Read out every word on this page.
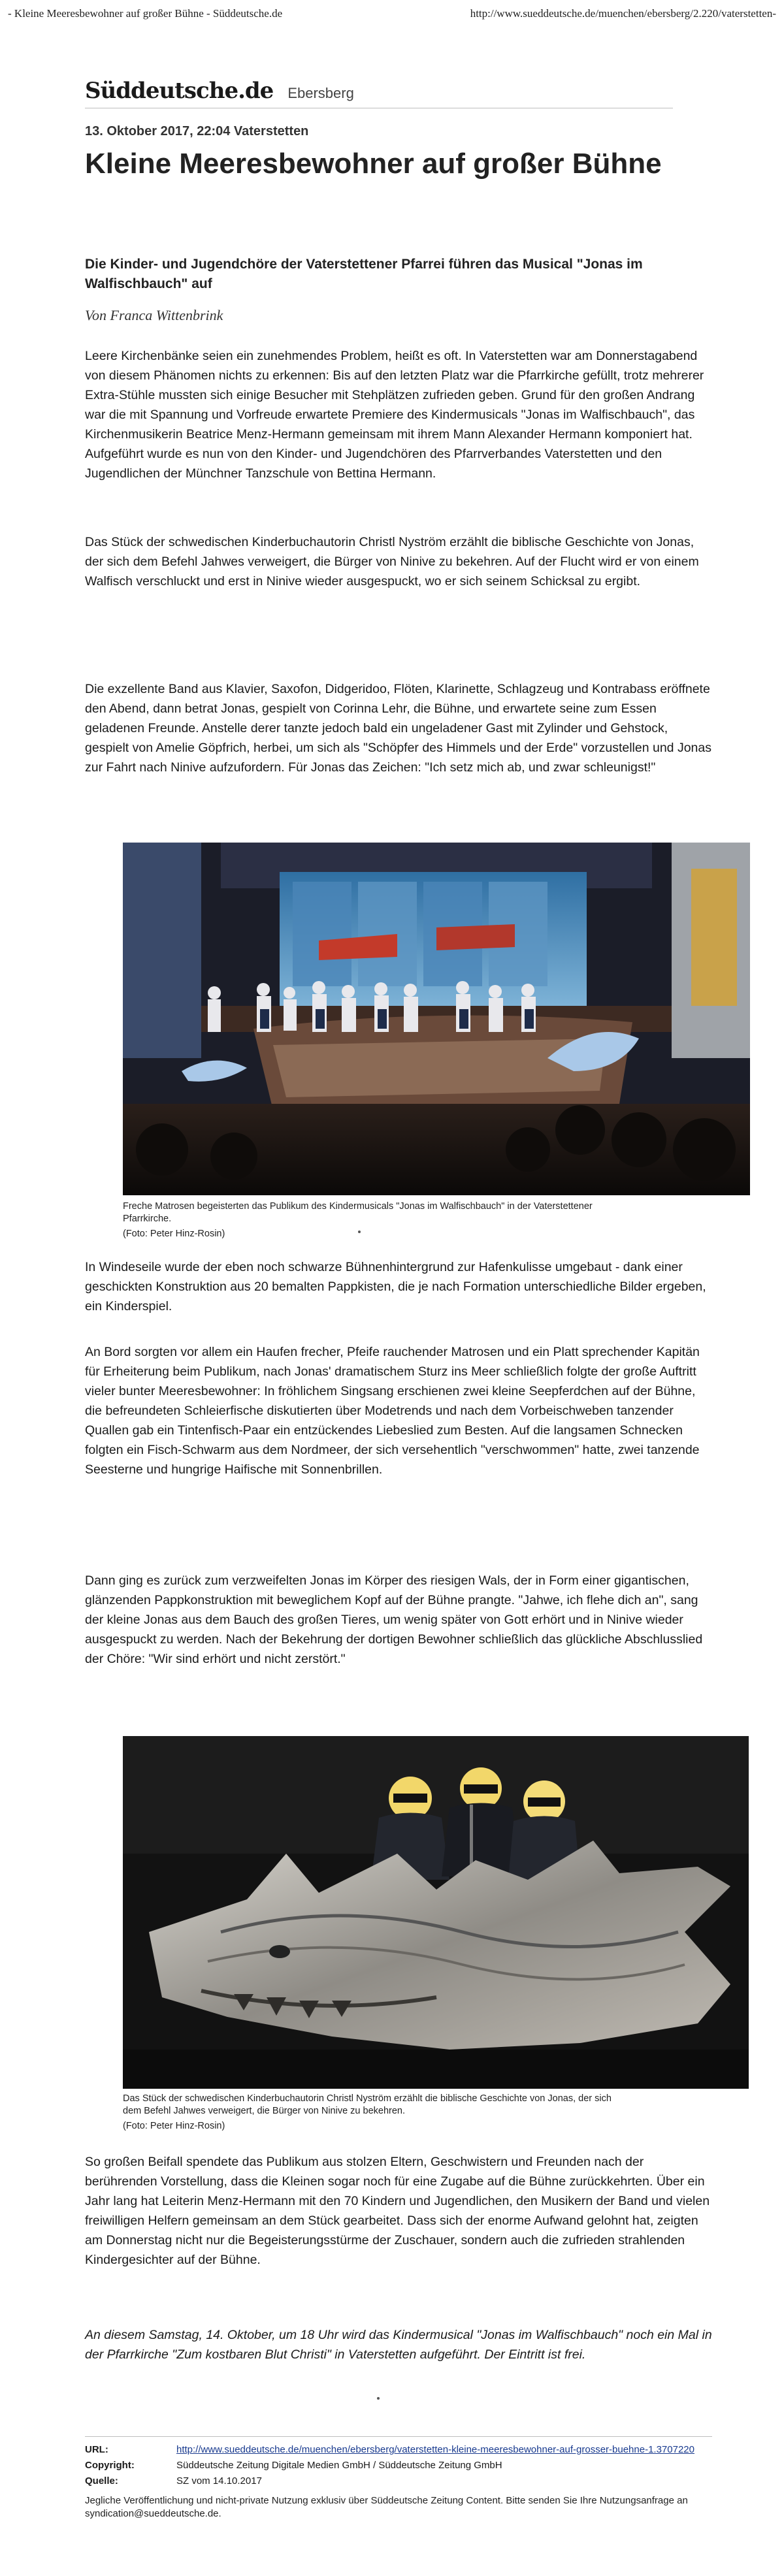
- Kleine Meeresbewohner auf großer Bühne - Süddeutsche.de	http://www.sueddeutsche.de/muenchen/ebersberg/2.220/vaterstetten-
Süddeutsche.de Ebersberg
13. Oktober 2017, 22:04 Vaterstetten
Kleine Meeresbewohner auf großer Bühne

Die Kinder- und Jugendchöre der Vaterstettener Pfarrei führen das Musical "Jonas im Walfischbauch" auf

Von Franca Wittenbrink

Leere Kirchenbänke seien ein zunehmendes Problem, heißt es oft. In Vaterstetten war am Donnerstagabend von diesem Phänomen nichts zu erkennen: Bis auf den letzten Platz war die Pfarrkirche gefüllt, trotz mehrerer Extra-Stühle mussten sich einige Besucher mit Stehplätzen zufrieden geben. Grund für den großen Andrang war die mit Spannung und Vorfreude erwartete Premiere des Kindermusicals "Jonas im Walfischbauch", das Kirchenmusikerin Beatrice Menz-Hermann gemeinsam mit ihrem Mann Alexander Hermann komponiert hat. Aufgeführt wurde es nun von den Kinder- und Jugendchören des Pfarrverbandes Vaterstetten und den Jugendlichen der Münchner Tanzschule von Bettina Hermann.

Das Stück der schwedischen Kinderbuchautorin Christl Nyström erzählt die biblische Geschichte von Jonas, der sich dem Befehl Jahwes verweigert, die Bürger von Ninive zu bekehren. Auf der Flucht wird er von einem Walfisch verschluckt und erst in Ninive wieder ausgespuckt, wo er sich seinem Schicksal zu ergibt.

Die exzellente Band aus Klavier, Saxofon, Didgeridoo, Flöten, Klarinette, Schlagzeug und Kontrabass eröffnete den Abend, dann betrat Jonas, gespielt von Corinna Lehr, die Bühne, und erwartete seine zum Essen geladenen Freunde. Anstelle derer tanzte jedoch bald ein ungeladener Gast mit Zylinder und Gehstock, gespielt von Amelie Göpfrich, herbei, um sich als "Schöpfer des Himmels und der Erde" vorzustellen und Jonas zur Fahrt nach Ninive aufzufordern. Für Jonas das Zeichen: "Ich setz mich ab, und zwar schleunigst!"

Freche Matrosen begeisterten das Publikum des Kindermusicals "Jonas im Walfischbauch" in der Vaterstettener Pfarrkirche.

(Foto: Peter Hinz-Rosin)

In Windeseile wurde der eben noch schwarze Bühnenhintergrund zur Hafenkulisse umgebaut - dank einer geschickten Konstruktion aus 20 bemalten Pappkisten, die je nach Formation unterschiedliche Bilder ergeben, ein Kinderspiel.

An Bord sorgten vor allem ein Haufen frecher, Pfeife rauchender Matrosen und ein Platt sprechender Kapitän für Erheiterung beim Publikum, nach Jonas' dramatischem Sturz ins Meer schließlich folgte der große Auftritt vieler bunter Meeresbewohner: In fröhlichem Singsang erschienen zwei kleine Seepferdchen auf der Bühne, die befreundeten Schleierfische diskutierten über Modetrends und nach dem Vorbeischweben tanzender Quallen gab ein Tintenfisch-Paar ein entzückendes Liebeslied zum Besten. Auf die langsamen Schnecken folgten ein Fisch-Schwarm aus dem Nordmeer, der sich versehentlich "verschwommen" hatte, zwei tanzende Seesterne und hungrige Haifische mit Sonnenbrillen.

Dann ging es zurück zum verzweifelten Jonas im Körper des riesigen Wals, der in Form einer gigantischen, glänzenden Pappkonstruktion mit beweglichem Kopf auf der Bühne prangte. "Jahwe, ich flehe dich an", sang der kleine Jonas aus dem Bauch des großen Tieres, um wenig später von Gott erhört und in Ninive wieder ausgespuckt zu werden. Nach der Bekehrung der dortigen Bewohner schließlich das glückliche Abschlusslied der Chöre: "Wir sind erhört und nicht zerstört."

Das Stück der schwedischen Kinderbuchautorin Christl Nyström erzählt die biblische Geschichte von Jonas, der sich dem Befehl Jahwes verweigert, die Bürger von Ninive zu bekehren.

(Foto: Peter Hinz-Rosin)

So großen Beifall spendete das Publikum aus stolzen Eltern, Geschwistern und Freunden nach der berührenden Vorstellung, dass die Kleinen sogar noch für eine Zugabe auf die Bühne zurückkehrten. Über ein Jahr lang hat Leiterin Menz-Hermann mit den 70 Kindern und Jugendlichen, den Musikern der Band und vielen freiwilligen Helfern gemeinsam an dem Stück gearbeitet. Dass sich der enorme Aufwand gelohnt hat, zeigten am Donnerstag nicht nur die Begeisterungsstürme der Zuschauer, sondern auch die zufrieden strahlenden Kindergesichter auf der Bühne.

An diesem Samstag, 14. Oktober, um 18 Uhr wird das Kindermusical "Jonas im Walfischbauch" noch ein Mal in der Pfarrkirche "Zum kostbaren Blut Christi" in Vaterstetten aufgeführt. Der Eintritt ist frei.

URL:	http://www.sueddeutsche.de/muenchen/ebersberg/vaterstetten-kleine-meeresbewohner-auf-grosser-buehne-1.3707220
Copyright:	Süddeutsche Zeitung Digitale Medien GmbH / Süddeutsche Zeitung GmbH
Quelle:	SZ vom 14.10.2017
Jegliche Veröffentlichung und nicht-private Nutzung exklusiv über Süddeutsche Zeitung Content. Bitte senden Sie Ihre Nutzungsanfrage an syndication@sueddeutsche.de.
